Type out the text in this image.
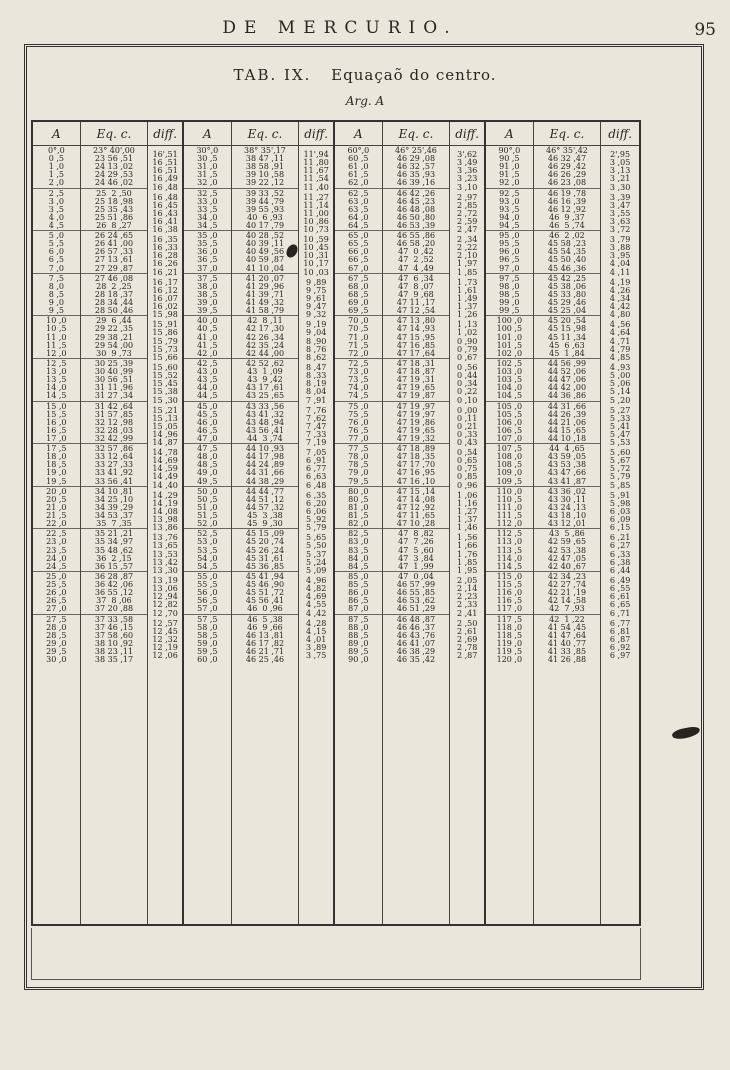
DE MERCURIO.	95
TAB. IX. Equaçaõ do centro.
Arg. A
A
0°,0
0 ,5
1 ,0
1 ,5
2 ,0
2 ,5
3 ,0
3 ,5
4 ,0
4 ,5
5 ,0
5 ,5
6 ,0
6 ,5
7 ,0
7 ,5
8 ,0
8 ,5
9 ,0
9 ,5
10 ,0
10 ,5
11 ,0
11 ,5
12 ,0
12 ,5
13 ,0
13 ,5
14 ,0
14 ,5
15 ,0
15 ,5
16 ,0
16 ,5
17 ,0
17 ,5
18 ,0
18 ,5
19 ,0
19 ,5
20 ,0
20 ,5
21 ,0
21 ,5
22 ,0
22 ,5
23 ,0
23 ,5
24 ,0
24 ,5
25 ,0
25 ,5
26 ,0
26 ,5
27 ,0
27 ,5
28 ,0
28 ,5
29 ,0
29 ,5
30 ,0
Eq. c.
23° 40',00
23 56 ,51
24 13 ,02
24 29 ,53
24 46 ,02
25  2 ,50
25 18 ,98
25 35 ,43
25 51 ,86
26  8 ,27
26 24 ,65
26 41 ,00
26 57 ,33
27 13 ,61
27 29 ,87
27 46 ,08
28  2 ,25
28 18 ,37
28 34 ,44
28 50 ,46
29  6 ,44
29 22 ,35
29 38 ,21
29 54 ,00
30  9 ,73
30 25 ,39
30 40 ,99
30 56 ,51
31 11 ,96
31 27 ,34
31 42 ,64
31 57 ,85
32 12 ,98
32 28 ,03
32 42 ,99
32 57 ,86
33 12 ,64
33 27 ,33
33 41 ,92
33 56 ,41
34 10 ,81
34 25 ,10
34 39 ,29
34 53 ,37
35  7 ,35
35 21 ,21
35 34 ,97
35 48 ,62
36  2 ,15
36 15 ,57
36 28 ,87
36 42 ,06
36 55 ,12
37  8 ,06
37 20 ,88
37 33 ,58
37 46 ,15
37 58 ,60
38 10 ,92
38 23 ,11
38 35 ,17
diff.
16',51
16 ,51
16 ,51
16 ,49
16 ,48
16 ,48
16 ,45
16 ,43
16 ,41
16 ,38
16 ,35
16 ,33
16 ,28
16 ,26
16 ,21
16 ,17
16 ,12
16 ,07
16 ,02
15 ,98
15 ,91
15 ,86
15 ,79
15 ,73
15 ,66
15 ,60
15 ,52
15 ,45
15 ,38
15 ,30
15 ,21
15 ,13
15 ,05
14 ,96
14 ,87
14 ,78
14 ,69
14 ,59
14 ,49
14 ,40
14 ,29
14 ,19
14 ,08
13 ,98
13 ,86
13 ,76
13 ,65
13 ,53
13 ,42
13 ,30
13 ,19
13 ,06
12 ,94
12 ,82
12 ,70
12 ,57
12 ,45
12 ,32
12 ,19
12 ,06
A
30°,0
30 ,5
31 ,0
31 ,5
32 ,0
32 ,5
33 ,0
33 ,5
34 ,0
34 ,5
35 ,0
35 ,5
36 ,0
36 ,5
37 ,0
37 ,5
38 ,0
38 ,5
39 ,0
39 ,5
40 ,0
40 ,5
41 ,0
41 ,5
42 ,0
42 ,5
43 ,0
43 ,5
44 ,0
44 ,5
45 ,0
45 ,5
46 ,0
46 ,5
47 ,0
47 ,5
48 ,0
48 ,5
49 ,0
49 ,5
50 ,0
50 ,5
51 ,0
51 ,5
52 ,0
52 ,5
53 ,0
53 ,5
54 ,0
54 ,5
55 ,0
55 ,5
56 ,0
56 ,5
57 ,0
57 ,5
58 ,0
58 ,5
59 ,0
59 ,5
60 ,0
Eq. c.
38° 35',17
38 47 ,11
38 58 ,91
39 10 ,58
39 22 ,12
39 33 ,52
39 44 ,79
39 55 ,93
40  6 ,93
40 17 ,79
40 28 ,52
40 39 ,11
40 49 ,56
40 59 ,87
41 10 ,04
41 20 ,07
41 29 ,96
41 39 ,71
41 49 ,32
41 58 ,79
42  8 ,11
42 17 ,30
42 26 ,34
42 35 ,24
42 44 ,00
42 52 ,62
43  1 ,09
43  9 ,42
43 17 ,61
43 25 ,65
43 33 ,56
43 41 ,32
43 48 ,94
43 56 ,41
44  3 ,74
44 10 ,93
44 17 ,98
44 24 ,89
44 31 ,66
44 38 ,29
44 44 ,77
44 51 ,12
44 57 ,32
45  3 ,38
45  9 ,30
45 15 ,09
45 20 ,74
45 26 ,24
45 31 ,61
45 36 ,85
45 41 ,94
45 46 ,90
45 51 ,72
45 56 ,41
46  0 ,96
46  5 ,38
46  9 ,66
46 13 ,81
46 17 ,82
46 21 ,71
46 25 ,46
diff.
11',94
11 ,80
11 ,67
11 ,54
11 ,40
11 ,27
11 ,14
11 ,00
10 ,86
10 ,73
10 ,59
10 ,45
10 ,31
10 ,17
10 ,03
9 ,89
9 ,75
9 ,61
9 ,47
9 ,32
9 ,19
9 ,04
8 ,90
8 ,76
8 ,62
8 ,47
8 ,33
8 ,19
8 ,04
7 ,91
7 ,76
7 ,62
7 ,47
7 ,33
7 ,19
7 ,05
6 ,91
6 ,77
6 ,63
6 ,48
6 ,35
6 ,20
6 ,06
5 ,92
5 ,79
5 ,65
5 ,50
5 ,37
5 ,24
5 ,09
4 ,96
4 ,82
4 ,69
4 ,55
4 ,42
4 ,28
4 ,15
4 ,01
3 ,89
3 ,75
A
60°,0
60 ,5
61 ,0
61 ,5
62 ,0
62 ,5
63 ,0
63 ,5
64 ,0
64 ,5
65 ,0
65 ,5
66 ,0
66 ,5
67 ,0
67 ,5
68 ,0
68 ,5
69 ,0
69 ,5
70 ,0
70 ,5
71 ,0
71 ,5
72 ,0
72 ,5
73 ,0
73 ,5
74 ,0
74 ,5
75 ,0
75 ,5
76 ,0
76 ,5
77 ,0
77 ,5
78 ,0
78 ,5
79 ,0
79 ,5
80 ,0
80 ,5
81 ,0
81 ,5
82 ,0
82 ,5
83 ,0
83 ,5
84 ,0
84 ,5
85 ,0
85 ,5
86 ,0
86 ,5
87 ,0
87 ,5
88 ,0
88 ,5
89 ,0
89 ,5
90 ,0
Eq. c.
46° 25',46
46 29 ,08
46 32 ,57
46 35 ,93
46 39 ,16
46 42 ,26
46 45 ,23
46 48 ,08
46 50 ,80
46 53 ,39
46 55 ,86
46 58 ,20
47  0 ,42
47  2 ,52
47  4 ,49
47  6 ,34
47  8 ,07
47  9 ,68
47 11 ,17
47 12 ,54
47 13 ,80
47 14 ,93
47 15 ,95
47 16 ,85
47 17 ,64
47 18 ,31
47 18 ,87
47 19 ,31
47 19 ,65
47 19 ,87
47 19 ,97
47 19 ,97
47 19 ,86
47 19 ,65
47 19 ,32
47 18 ,89
47 18 ,35
47 17 ,70
47 16 ,95
47 16 ,10
47 15 ,14
47 14 ,08
47 12 ,92
47 11 ,65
47 10 ,28
47  8 ,82
47  7 ,26
47  5 ,60
47  3 ,84
47  1 ,99
47  0 ,04
46 57 ,99
46 55 ,85
46 53 ,62
46 51 ,29
46 48 ,87
46 46 ,37
46 43 ,76
46 41 ,07
46 38 ,29
46 35 ,42
diff.
3',62
3 ,49
3 ,36
3 ,23
3 ,10
2 ,97
2 ,85
2 ,72
2 ,59
2 ,47
2 ,34
2 ,22
2 ,10
1 ,97
1 ,85
1 ,73
1 ,61
1 ,49
1 ,37
1 ,26
1 ,13
1 ,02
0 ,90
0 ,79
0 ,67
0 ,56
0 ,44
0 ,34
0 ,22
0 ,10
0 ,00
0 ,11
0 ,21
0 ,33
0 ,43
0 ,54
0 ,65
0 ,75
0 ,85
0 ,96
1 ,06
1 ,16
1 ,27
1 ,37
1 ,46
1 ,56
1 ,66
1 ,76
1 ,85
1 ,95
2 ,05
2 ,14
2 ,23
2 ,33
2 ,41
2 ,50
2 ,61
2 ,69
2 ,78
2 ,87
A
90°,0
90 ,5
91 ,0
91 ,5
92 ,0
92 ,5
93 ,0
93 ,5
94 ,0
94 ,5
95 ,0
95 ,5
96 ,0
96 ,5
97 ,0
97 ,5
98 ,0
98 ,5
99 ,0
99 ,5
100 ,0
100 ,5
101 ,0
101 ,5
102 ,0
102 ,5
103 ,0
103 ,5
104 ,0
104 ,5
105 ,0
105 ,5
106 ,0
106 ,5
107 ,0
107 ,5
108 ,0
108 ,5
109 ,0
109 ,5
110 ,0
110 ,5
111 ,0
111 ,5
112 ,0
112 ,5
113 ,0
113 ,5
114 ,0
114 ,5
115 ,0
115 ,5
116 ,0
116 ,5
117 ,0
117 ,5
118 ,0
118 ,5
119 ,0
119 ,5
120 ,0
Eq. c.
46° 35',42
46 32 ,47
46 29 ,42
46 26 ,29
46 23 ,08
46 19 ,78
46 16 ,39
46 12 ,92
46  9 ,37
46  5 ,74
46  2 ,02
45 58 ,23
45 54 ,35
45 50 ,40
45 46 ,36
45 42 ,25
45 38 ,06
45 33 ,80
45 29 ,46
45 25 ,04
45 20 ,54
45 15 ,98
45 11 ,34
45  6 ,63
45  1 ,84
44 56 ,99
44 52 ,06
44 47 ,06
44 42 ,00
44 36 ,86
44 31 ,66
44 26 ,39
44 21 ,06
44 15 ,65
44 10 ,18
44  4 ,65
43 59 ,05
43 53 ,38
43 47 ,66
43 41 ,87
43 36 ,02
43 30 ,11
43 24 ,13
43 18 ,10
43 12 ,01
43  5 ,86
42 59 ,65
42 53 ,38
42 47 ,05
42 40 ,67
42 34 ,23
42 27 ,74
42 21 ,19
42 14 ,58
42  7 ,93
42  1 ,22
41 54 ,45
41 47 ,64
41 40 ,77
41 33 ,85
41 26 ,88
diff.
2',95
3 ,05
3 ,13
3 ,21
3 ,30
3 ,39
3 ,47
3 ,55
3 ,63
3 ,72
3 ,79
3 ,88
3 ,95
4 ,04
4 ,11
4 ,19
4 ,26
4 ,34
4 ,42
4 ,80
4 ,56
4 ,64
4 ,71
4 ,79
4 ,85
4 ,93
5 ,00
5 ,06
5 ,14
5 ,20
5 ,27
5 ,33
5 ,41
5 ,47
5 ,53
5 ,60
5 ,67
5 ,72
5 ,79
5 ,85
5 ,91
5 ,98
6 ,03
6 ,09
6 ,15
6 ,21
6 ,27
6 ,33
6 ,38
6 ,44
6 ,49
6 ,55
6 ,61
6 ,65
6 ,71
6 ,77
6 ,81
6 ,87
6 ,92
6 ,97
